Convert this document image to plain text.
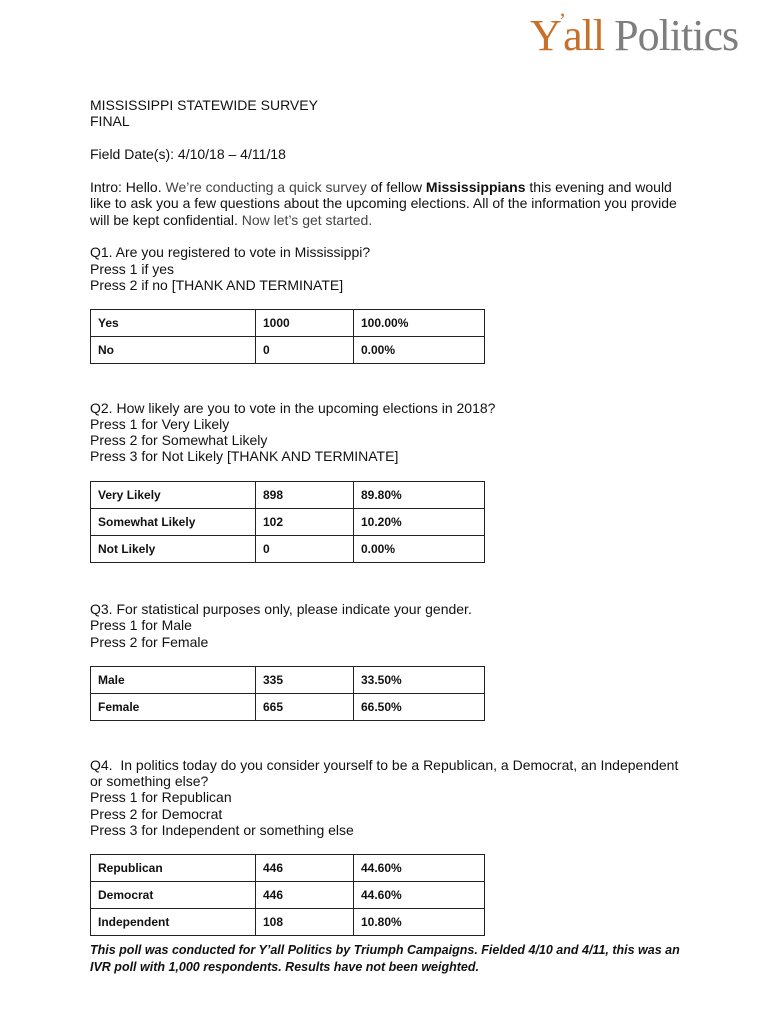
Y’all Politics

MISSISSIPPI STATEWIDE SURVEY

FINAL

Field Date(s): 4/10/18 – 4/11/18

Intro: Hello. We’re conducting a quick survey of fellow Mississippians this evening and would like to ask you a few questions about the upcoming elections. All of the information you provide will be kept confidential. Now let’s get started.

Q1. Are you registered to vote in Mississippi?

Press 1 if yes

Press 2 if no [THANK AND TERMINATE]

Yes	1000	100.00%
No	0	0.00%

Q2. How likely are you to vote in the upcoming elections in 2018?

Press 1 for Very Likely

Press 2 for Somewhat Likely

Press 3 for Not Likely [THANK AND TERMINATE]

Very Likely	898	89.80%
Somewhat Likely	102	10.20%
Not Likely	0	0.00%

Q3. For statistical purposes only, please indicate your gender.

Press 1 for Male

Press 2 for Female

Male	335	33.50%
Female	665	66.50%

Q4.  In politics today do you consider yourself to be a Republican, a Democrat, an Independent

or something else?

Press 1 for Republican

Press 2 for Democrat

Press 3 for Independent or something else

Republican	446	44.60%
Democrat	446	44.60%
Independent	108	10.80%

This poll was conducted for Y’all Politics by Triumph Campaigns. Fielded 4/10 and 4/11, this was an IVR poll with 1,000 respondents. Results have not been weighted.
